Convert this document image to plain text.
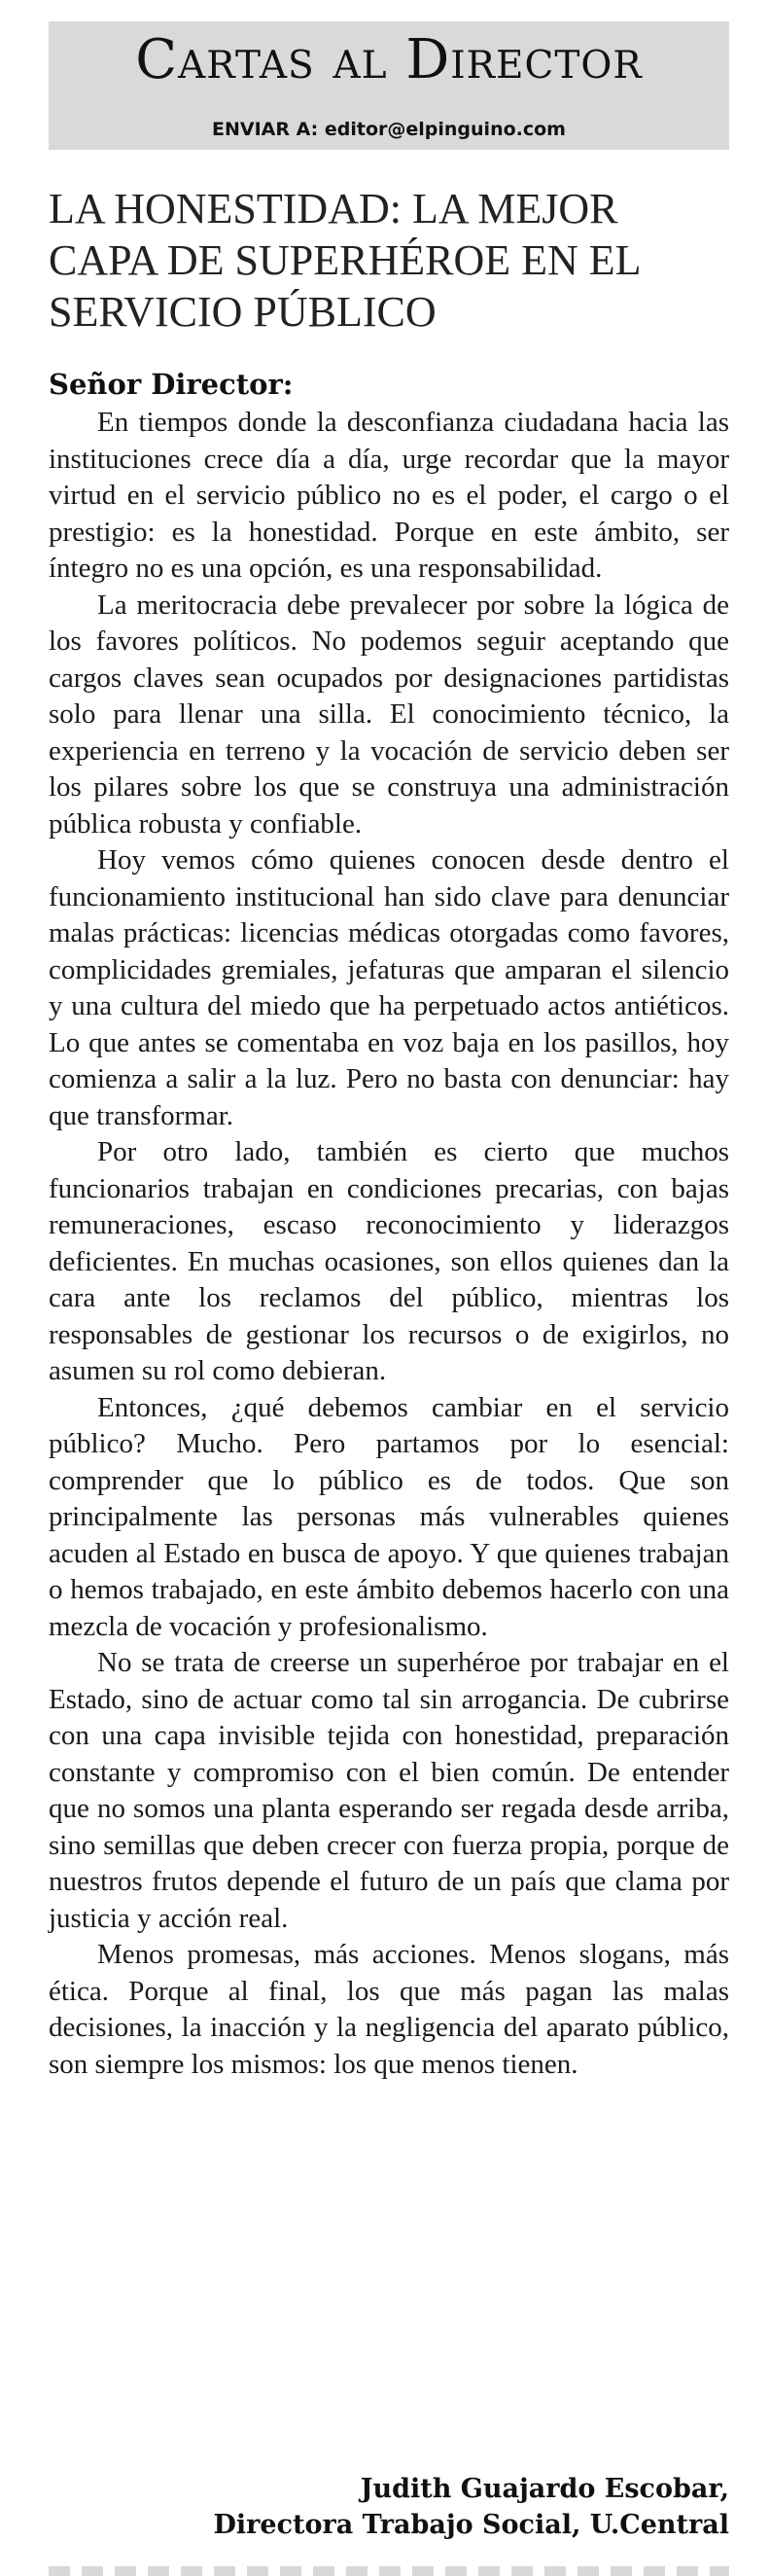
Cartas al Director
ENVIAR A: editor@elpinguino.com
LA HONESTIDAD: LA MEJOR
CAPA DE SUPERHÉROE EN EL
SERVICIO PÚBLICO
Señor Director:

En tiempos donde la desconfianza ciudadana hacia las instituciones crece día a día, urge recordar que la mayor virtud en el servicio público no es el poder, el cargo o el prestigio: es la honestidad. Porque en este ámbito, ser íntegro no es una opción, es una responsabilidad.

La meritocracia debe prevalecer por sobre la lógica de los favores políticos. No podemos seguir aceptando que cargos claves sean ocupados por designaciones partidistas solo para llenar una silla. El conocimiento técnico, la experiencia en terreno y la vocación de servicio deben ser los pilares sobre los que se construya una administración pública robusta y confiable.

Hoy vemos cómo quienes conocen desde dentro el funcionamiento institucional han sido clave para denunciar malas prácticas: licencias médicas otorgadas como favores, complicidades gremiales, jefaturas que amparan el silencio y una cultura del miedo que ha perpetuado actos antiéticos. Lo que antes se comentaba en voz baja en los pasillos, hoy comienza a salir a la luz. Pero no basta con denunciar: hay que transformar.

Por otro lado, también es cierto que muchos funcionarios trabajan en condiciones precarias, con bajas remuneraciones, escaso reconocimiento y liderazgos deficientes. En muchas ocasiones, son ellos quienes dan la cara ante los reclamos del público, mientras los responsables de gestionar los recursos o de exigirlos, no asumen su rol como debieran.

Entonces, ¿qué debemos cambiar en el servicio público? Mucho. Pero partamos por lo esencial: comprender que lo público es de todos. Que son principalmente las personas más vulnerables quienes acuden al Estado en busca de apoyo. Y que quienes trabajan o hemos trabajado, en este ámbito debemos hacerlo con una mezcla de vocación y profesionalismo.

No se trata de creerse un superhéroe por trabajar en el Estado, sino de actuar como tal sin arrogancia. De cubrirse con una capa invisible tejida con honestidad, preparación constante y compromiso con el bien común. De entender que no somos una planta esperando ser regada desde arriba, sino semillas que deben crecer con fuerza propia, porque de nuestros frutos depende el futuro de un país que clama por justicia y acción real.

Menos promesas, más acciones. Menos slogans, más ética. Porque al final, los que más pagan las malas decisiones, la inacción y la negligencia del aparato público, son siempre los mismos: los que menos tienen.

Judith Guajardo Escobar,
Directora Trabajo Social, U.Central
